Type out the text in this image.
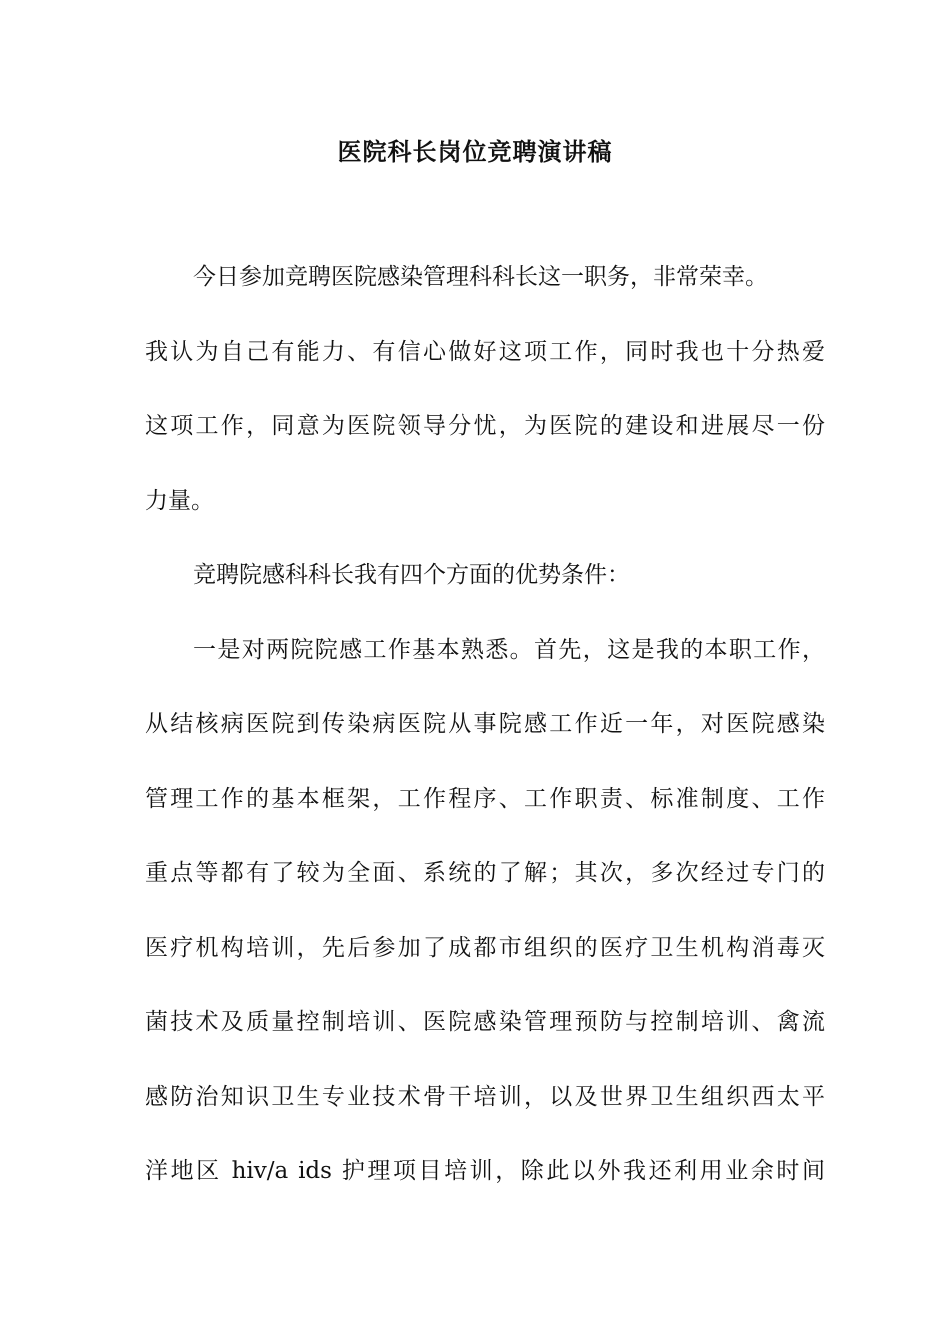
医院科长岗位竞聘演讲稿
今日参加竞聘医院感染管理科科长这一职务，非常荣幸。
我认为自己有能力、有信心做好这项工作，同时我也十分热爱
这项工作，同意为医院领导分忧，为医院的建设和进展尽一份
力量。
竞聘院感科科长我有四个方面的优势条件：
一是对两院院感工作基本熟悉。首先，这是我的本职工作，
从结核病医院到传染病医院从事院感工作近一年，对医院感染
管理工作的基本框架，工作程序、工作职责、标准制度、工作
重点等都有了较为全面、系统的了解；其次，多次经过专门的
医疗机构培训，先后参加了成都市组织的医疗卫生机构消毒灭
菌技术及质量控制培训、医院感染管理预防与控制培训、禽流
感防治知识卫生专业技术骨干培训，以及世界卫生组织西太平
洋地区 hiv/a ids 护理项目培训，除此以外我还利用业余时间
